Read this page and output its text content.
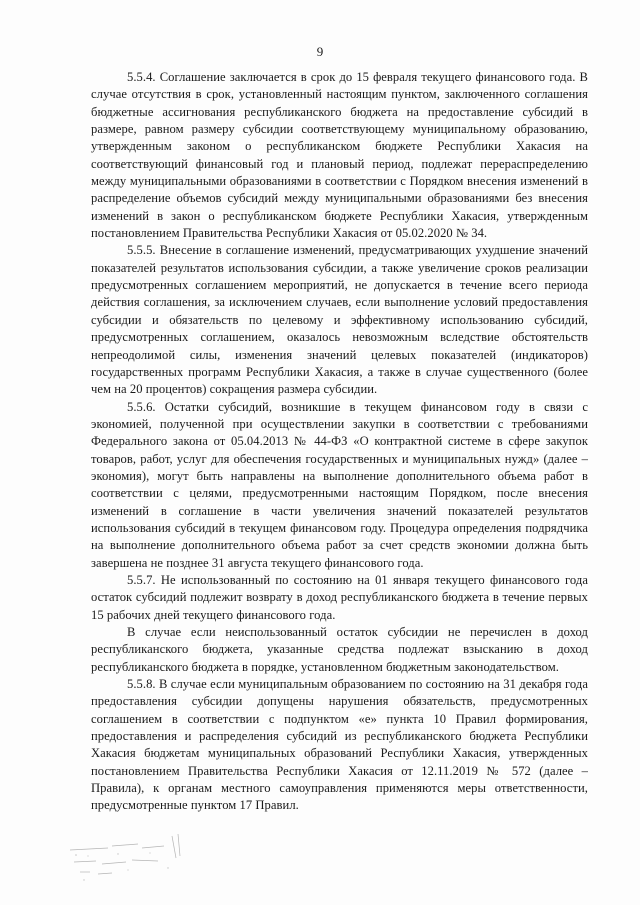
9

5.5.4. Соглашение заключается в срок до 15 февраля текущего финансового года. В случае отсутствия в срок, установленный настоящим пунктом, заключенного соглашения бюджетные ассигнования республиканского бюджета на предоставление субсидий в размере, равном размеру субсидии соответствующему муниципальному образованию, утвержденным законом о республиканском бюджете Республики Хакасия на соответствующий финансовый год и плановый период, подлежат перераспределению между муниципальными образованиями в соответствии с Порядком внесения изменений в распределение объемов субсидий между муниципальными образованиями без внесения изменений в закон о республиканском бюджете Республики Хакасия, утвержденным постановлением Правительства Республики Хакасия от 05.02.2020 № 34.

5.5.5. Внесение в соглашение изменений, предусматривающих ухудшение значений показателей результатов использования субсидии, а также увеличение сроков реализации предусмотренных соглашением мероприятий, не допускается в течение всего периода действия соглашения, за исключением случаев, если выполнение условий предоставления субсидии и обязательств по целевому и эффективному использованию субсидий, предусмотренных соглашением, оказалось невозможным вследствие обстоятельств непреодолимой силы, изменения значений целевых показателей (индикаторов) государственных программ Республики Хакасия, а также в случае существенного (более чем на 20 процентов) сокращения размера субсидии.

5.5.6. Остатки субсидий, возникшие в текущем финансовом году в связи с экономией, полученной при осуществлении закупки в соответствии с требованиями Федерального закона от 05.04.2013 № 44-ФЗ «О контрактной системе в сфере закупок товаров, работ, услуг для обеспечения государственных и муниципальных нужд» (далее – экономия), могут быть направлены на выполнение дополнительного объема работ в соответствии с целями, предусмотренными настоящим Порядком, после внесения изменений в соглашение в части увеличения значений показателей результатов использования субсидий в текущем финансовом году. Процедура определения подрядчика на выполнение дополнительного объема работ за счет средств экономии должна быть завершена не позднее 31 августа текущего финансового года.

5.5.7. Не использованный по состоянию на 01 января текущего финансового года остаток субсидий подлежит возврату в доход республиканского бюджета в течение первых 15 рабочих дней текущего финансового года.

В случае если неиспользованный остаток субсидии не перечислен в доход республиканского бюджета, указанные средства подлежат взысканию в доход республиканского бюджета в порядке, установленном бюджетным законодательством.

5.5.8. В случае если муниципальным образованием по состоянию на 31 декабря года предоставления субсидии допущены нарушения обязательств, предусмотренных соглашением в соответствии с подпунктом «е» пункта 10 Правил формирования, предоставления и распределения субсидий из республиканского бюджета Республики Хакасия бюджетам муниципальных образований Республики Хакасия, утвержденных постановлением Правительства Республики Хакасия от 12.11.2019 № 572 (далее – Правила), к органам местного самоуправления применяются меры ответственности, предусмотренные пунктом 17 Правил.
